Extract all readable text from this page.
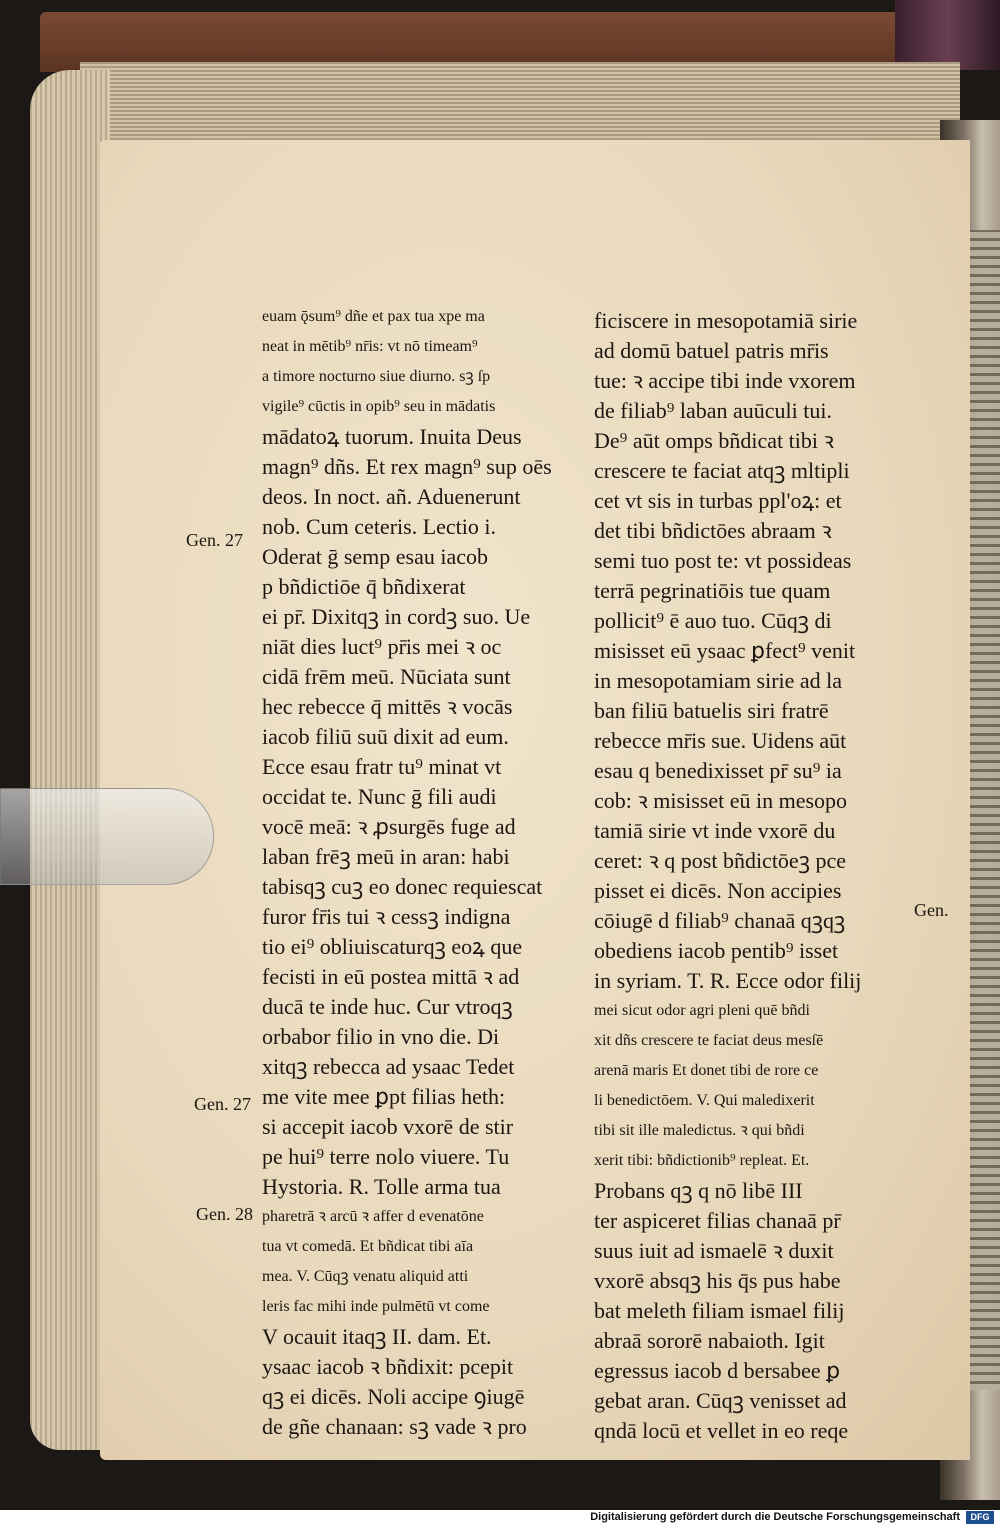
euam ǭsum⁹ dñe et pax tua xpe ma
neat in mētib⁹ nr̄is: vt nō timeam⁹
a timore nocturno siue diurno. sꝫ ſp
vigile⁹ cūctis in opib⁹ seu in mādatis
mādatoꝝ tuorum. Inuita Deus
magn⁹ dñs. Et rex magn⁹ sup oēs
deos. In noct. añ. Aduenerunt
nob. Cum ceteris. Lectio i.
Oderat ḡ semp esau iacob
p bñdictiōe q̄ bñdixerat
ei pr̄. Dixitqꝫ in cordꝫ suo. Ue
niāt dies luct⁹ pr̄is mei ꝛ oc
cidā frēm meū. Nūciata sunt
hec rebecce q̄ mittēs ꝛ vocās
iacob filiū suū dixit ad eum.
Ecce esau fratr tu⁹ minat vt
occidat te. Nunc ḡ fili audi
vocē meā: ꝛ ꝓsurgēs fuge ad
laban frēꝫ meū in aran: habi
tabisqꝫ cuꝫ eo donec requiescat
furor fr̄is tui ꝛ cessꝫ indigna
tio ei⁹ obliuiscaturqꝫ eoꝝ que
fecisti in eū postea mittā ꝛ ad
ducā te inde huc. Cur vtroqꝫ
orbabor filio in vno die. Di
xitqꝫ rebecca ad ysaac Tedet
me vite mee ꝑpt filias heth:
si accepit iacob vxorē de stir
pe hui⁹ terre nolo viuere. Tu
Hystoria. R. Tolle arma tua
pharetrā ꝛ arcū ꝛ affer d evenatōne
tua vt comedā. Et bñdicat tibi aīa
mea. V. Cūqꝫ venatu aliquid atti
leris fac mihi inde pulmētū vt come
V ocauit itaqꝫ II. dam. Et.
ysaac iacob ꝛ bñdixit: pcepit
qꝫ ei dicēs. Noli accipe ꝯiugē
de gñe chanaan: sꝫ vade ꝛ pro
ficiscere in mesopotamiā sirie
ad domū batuel patris mr̄is
tue: ꝛ accipe tibi inde vxorem
de filiab⁹ laban auūculi tui.
De⁹ aūt omps bñdicat tibi ꝛ
crescere te faciat atqꝫ mltipli
cet vt sis in turbas ppl'oꝝ: et
det tibi bñdictōes abraam ꝛ
semi tuo post te: vt possideas
terrā pegrinatiōis tue quam
pollicit⁹ ē auo tuo. Cūqꝫ di
misisset eū ysaac ꝑfect⁹ venit
in mesopotamiam sirie ad la
ban filiū batuelis siri fratrē
rebecce mr̄is sue. Uidens aūt
esau q benedixisset pr̄ su⁹ ia
cob: ꝛ misisset eū in mesopo
tamiā sirie vt inde vxorē du
ceret: ꝛ q post bñdictōeꝫ pce
pisset ei dicēs. Non accipies
cōiugē d filiab⁹ chanaā qꝫqꝫ
obediens iacob pentib⁹ isset
in syriam. T. R. Ecce odor filij
mei sicut odor agri pleni quē bñdi
xit dñs crescere te faciat deus mesſē
arenā maris Et donet tibi de rore ce
li benedictōem. V. Qui maledixerit
tibi sit ille maledictus. ꝛ qui bñdi
xerit tibi: bñdictionib⁹ repleat. Et.
Probans qꝫ q nō libē III
ter aspiceret filias chanaā pr̄
suus iuit ad ismaelē ꝛ duxit
vxorē absqꝫ his q̄s pus habe
bat meleth filiam ismael filij
abraā sororē nabaioth. Igit
egressus iacob d bersabee ꝑ
gebat aran. Cūqꝫ venisset ad
qndā locū et vellet in eo reqe
Gen. 27
Gen. 27
Gen. 28
Gen.
Digitalisierung gefördert durch die Deutsche Forschungsgemeinschaft	DFG
